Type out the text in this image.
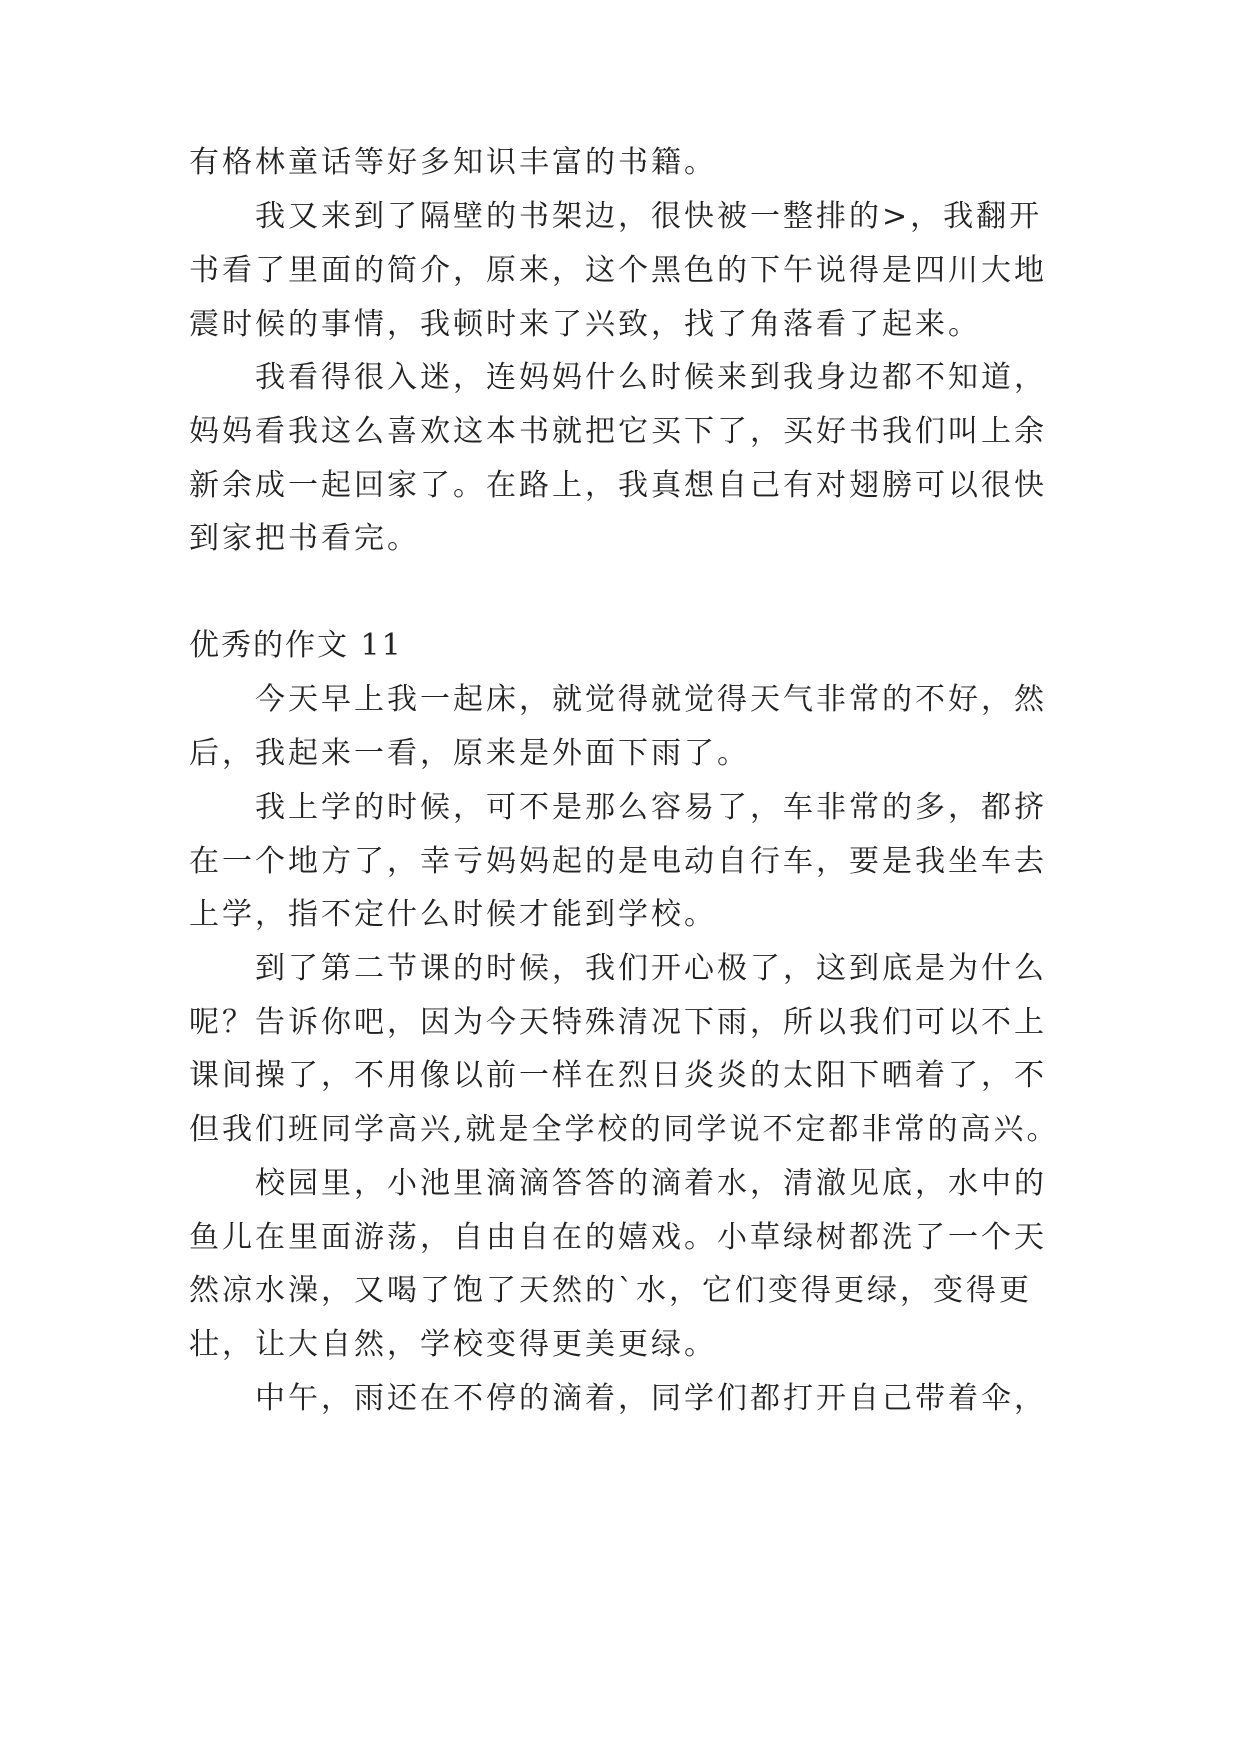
有格林童话等好多知识丰富的书籍。
我又来到了隔壁的书架边，很快被一整排的>，我翻开
书看了里面的简介，原来，这个黑色的下午说得是四川大地
震时候的事情，我顿时来了兴致，找了角落看了起来。
我看得很入迷，连妈妈什么时候来到我身边都不知道，
妈妈看我这么喜欢这本书就把它买下了，买好书我们叫上余
新余成一起回家了。在路上，我真想自己有对翅膀可以很快
到家把书看完。
优秀的作文 11
今天早上我一起床，就觉得就觉得天气非常的不好，然
后，我起来一看，原来是外面下雨了。
我上学的时候，可不是那么容易了，车非常的多，都挤
在一个地方了，幸亏妈妈起的是电动自行车，要是我坐车去
上学，指不定什么时候才能到学校。
到了第二节课的时候，我们开心极了，这到底是为什么
呢？告诉你吧，因为今天特殊清况下雨，所以我们可以不上
课间操了，不用像以前一样在烈日炎炎的太阳下晒着了，不
但我们班同学高兴,就是全学校的同学说不定都非常的高兴。
校园里，小池里滴滴答答的滴着水，清澈见底，水中的
鱼儿在里面游荡，自由自在的嬉戏。小草绿树都洗了一个天
然凉水澡，又喝了饱了天然的`水，它们变得更绿，变得更
壮，让大自然，学校变得更美更绿。
中午，雨还在不停的滴着，同学们都打开自己带着伞，
